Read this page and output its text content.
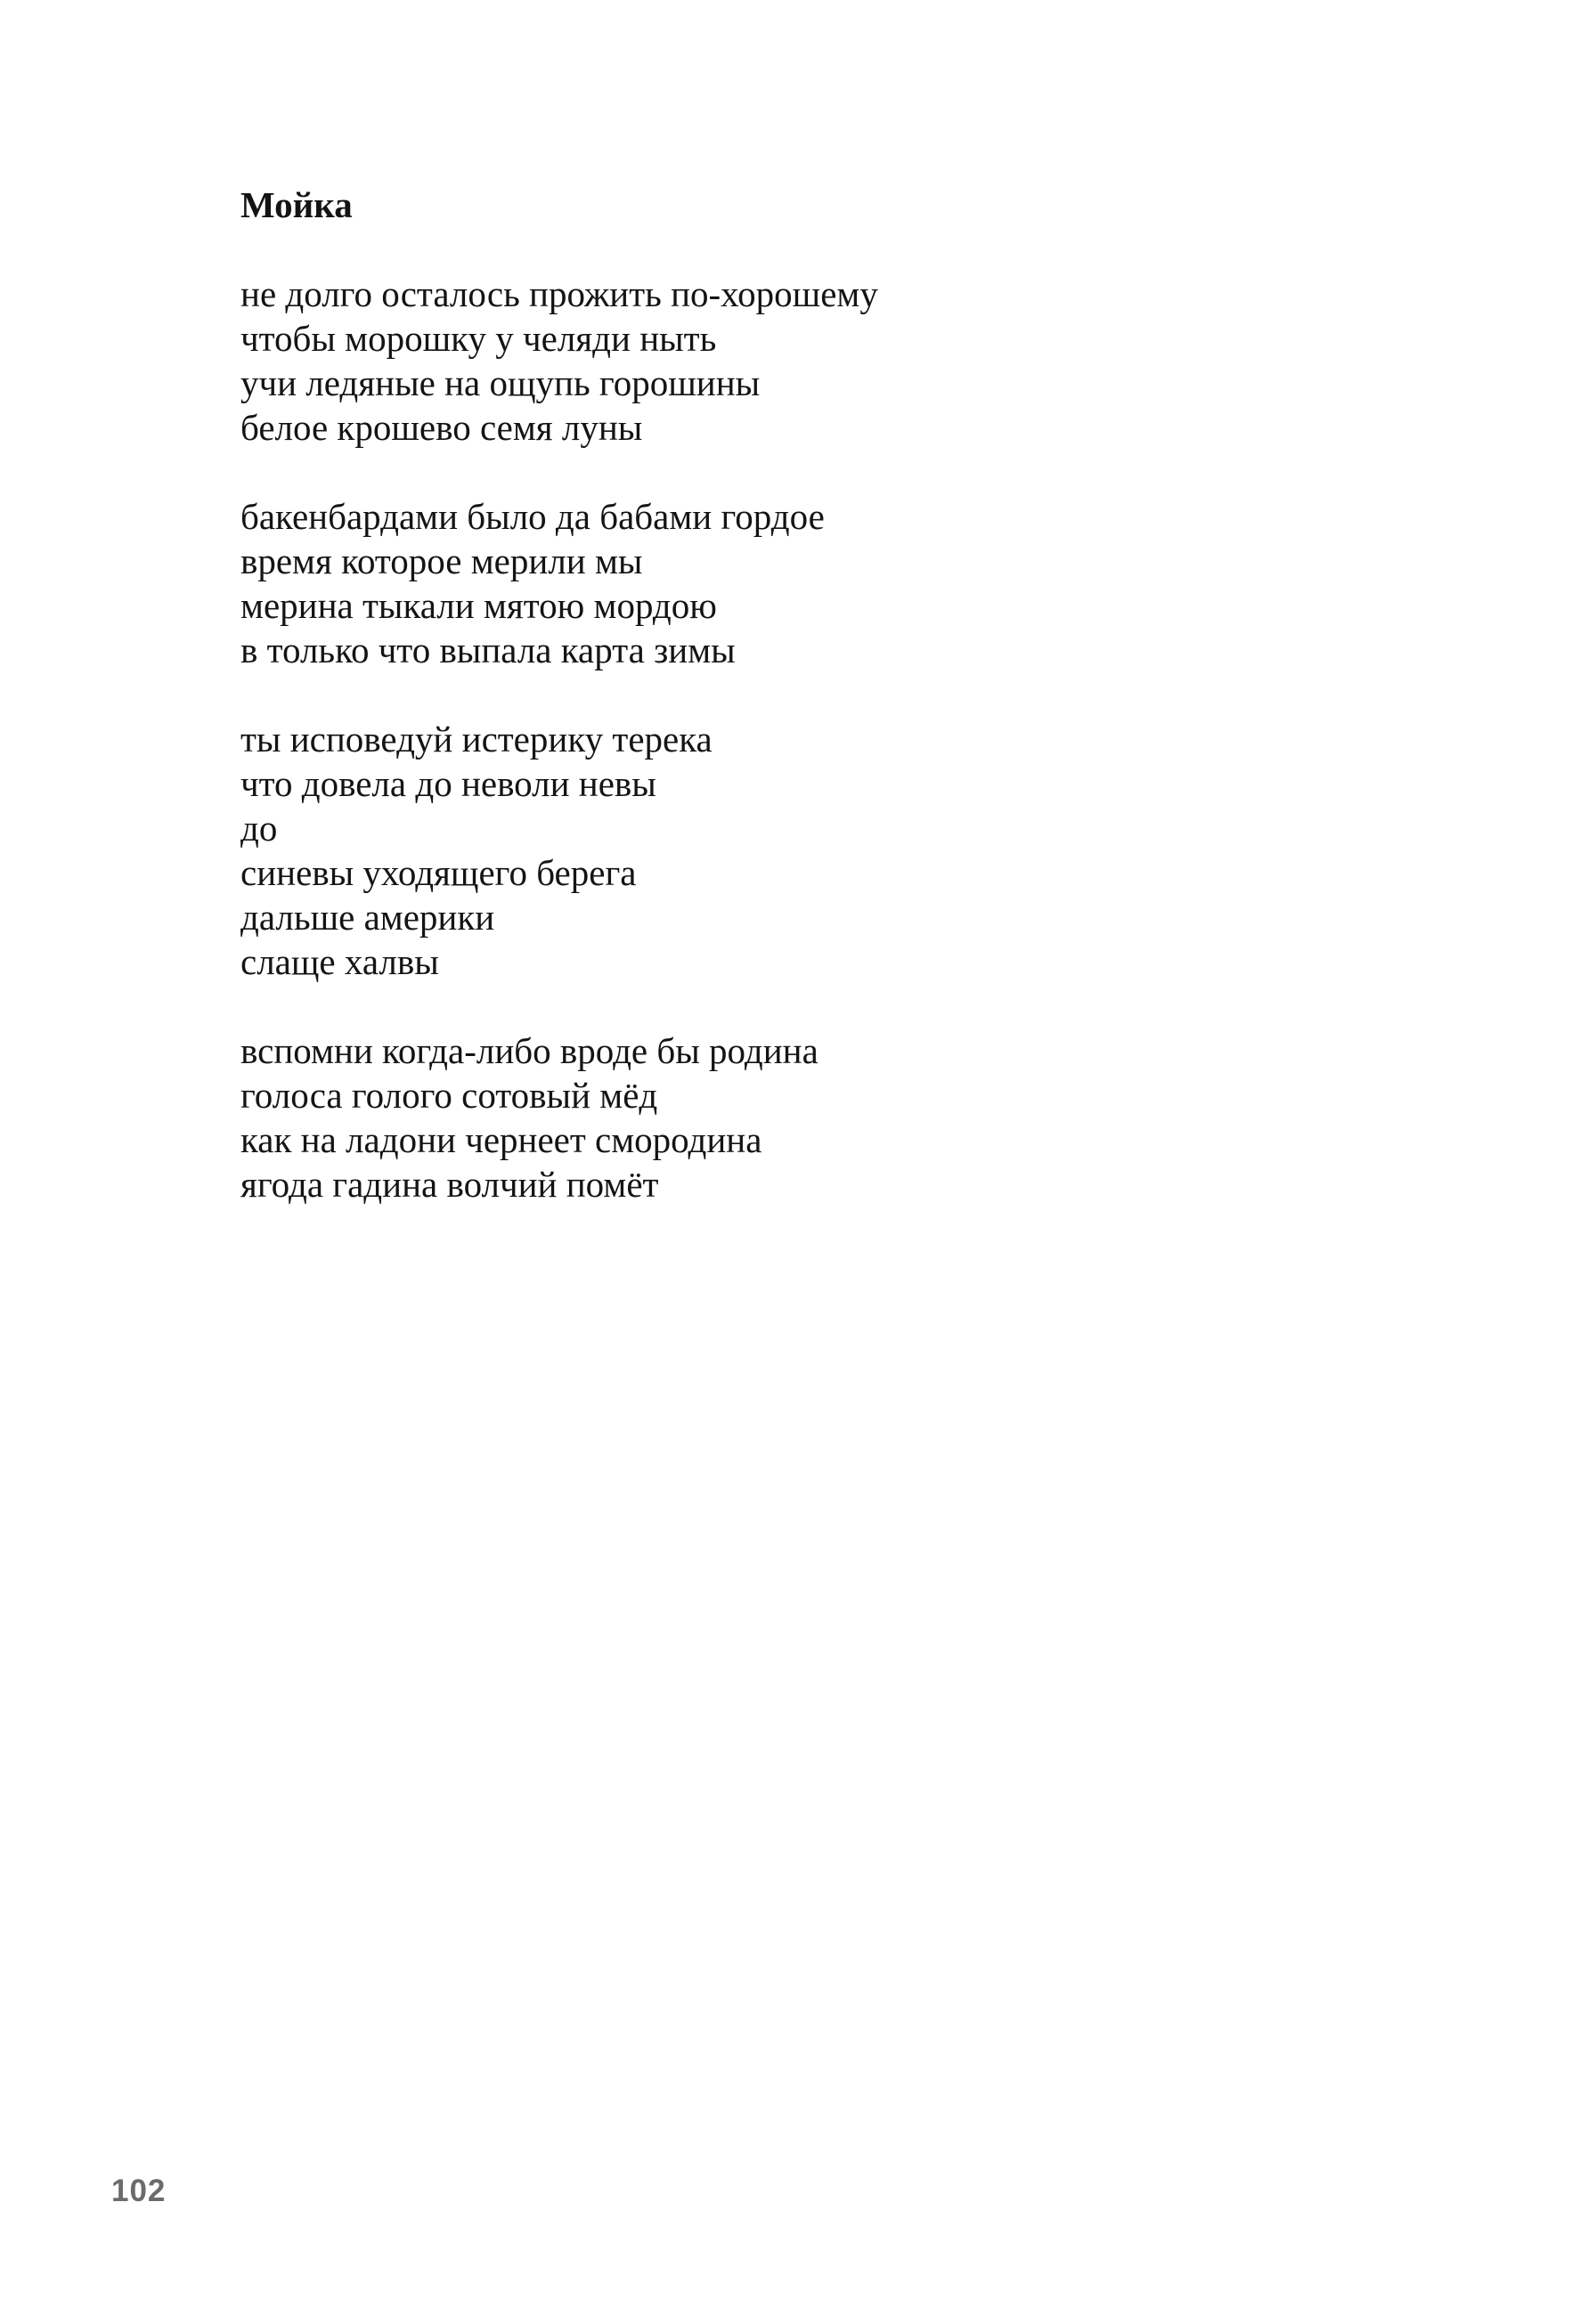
Мойка
не долго осталось прожить по-хорошему
чтобы морошку у челяди ныть
учи ледяные на ощупь горошины
белое крошево семя луны
бакенбардами было да бабами гордое
время которое мерили мы
мерина тыкали мятою мордою
в только что выпала карта зимы
ты исповедуй истерику терека
что довела до неволи невы
до
синевы уходящего берега
дальше америки
слаще халвы
вспомни когда-либо вроде бы родина
голоса голого сотовый мёд
как на ладони чернеет смородина
ягода гадина волчий помёт
102
